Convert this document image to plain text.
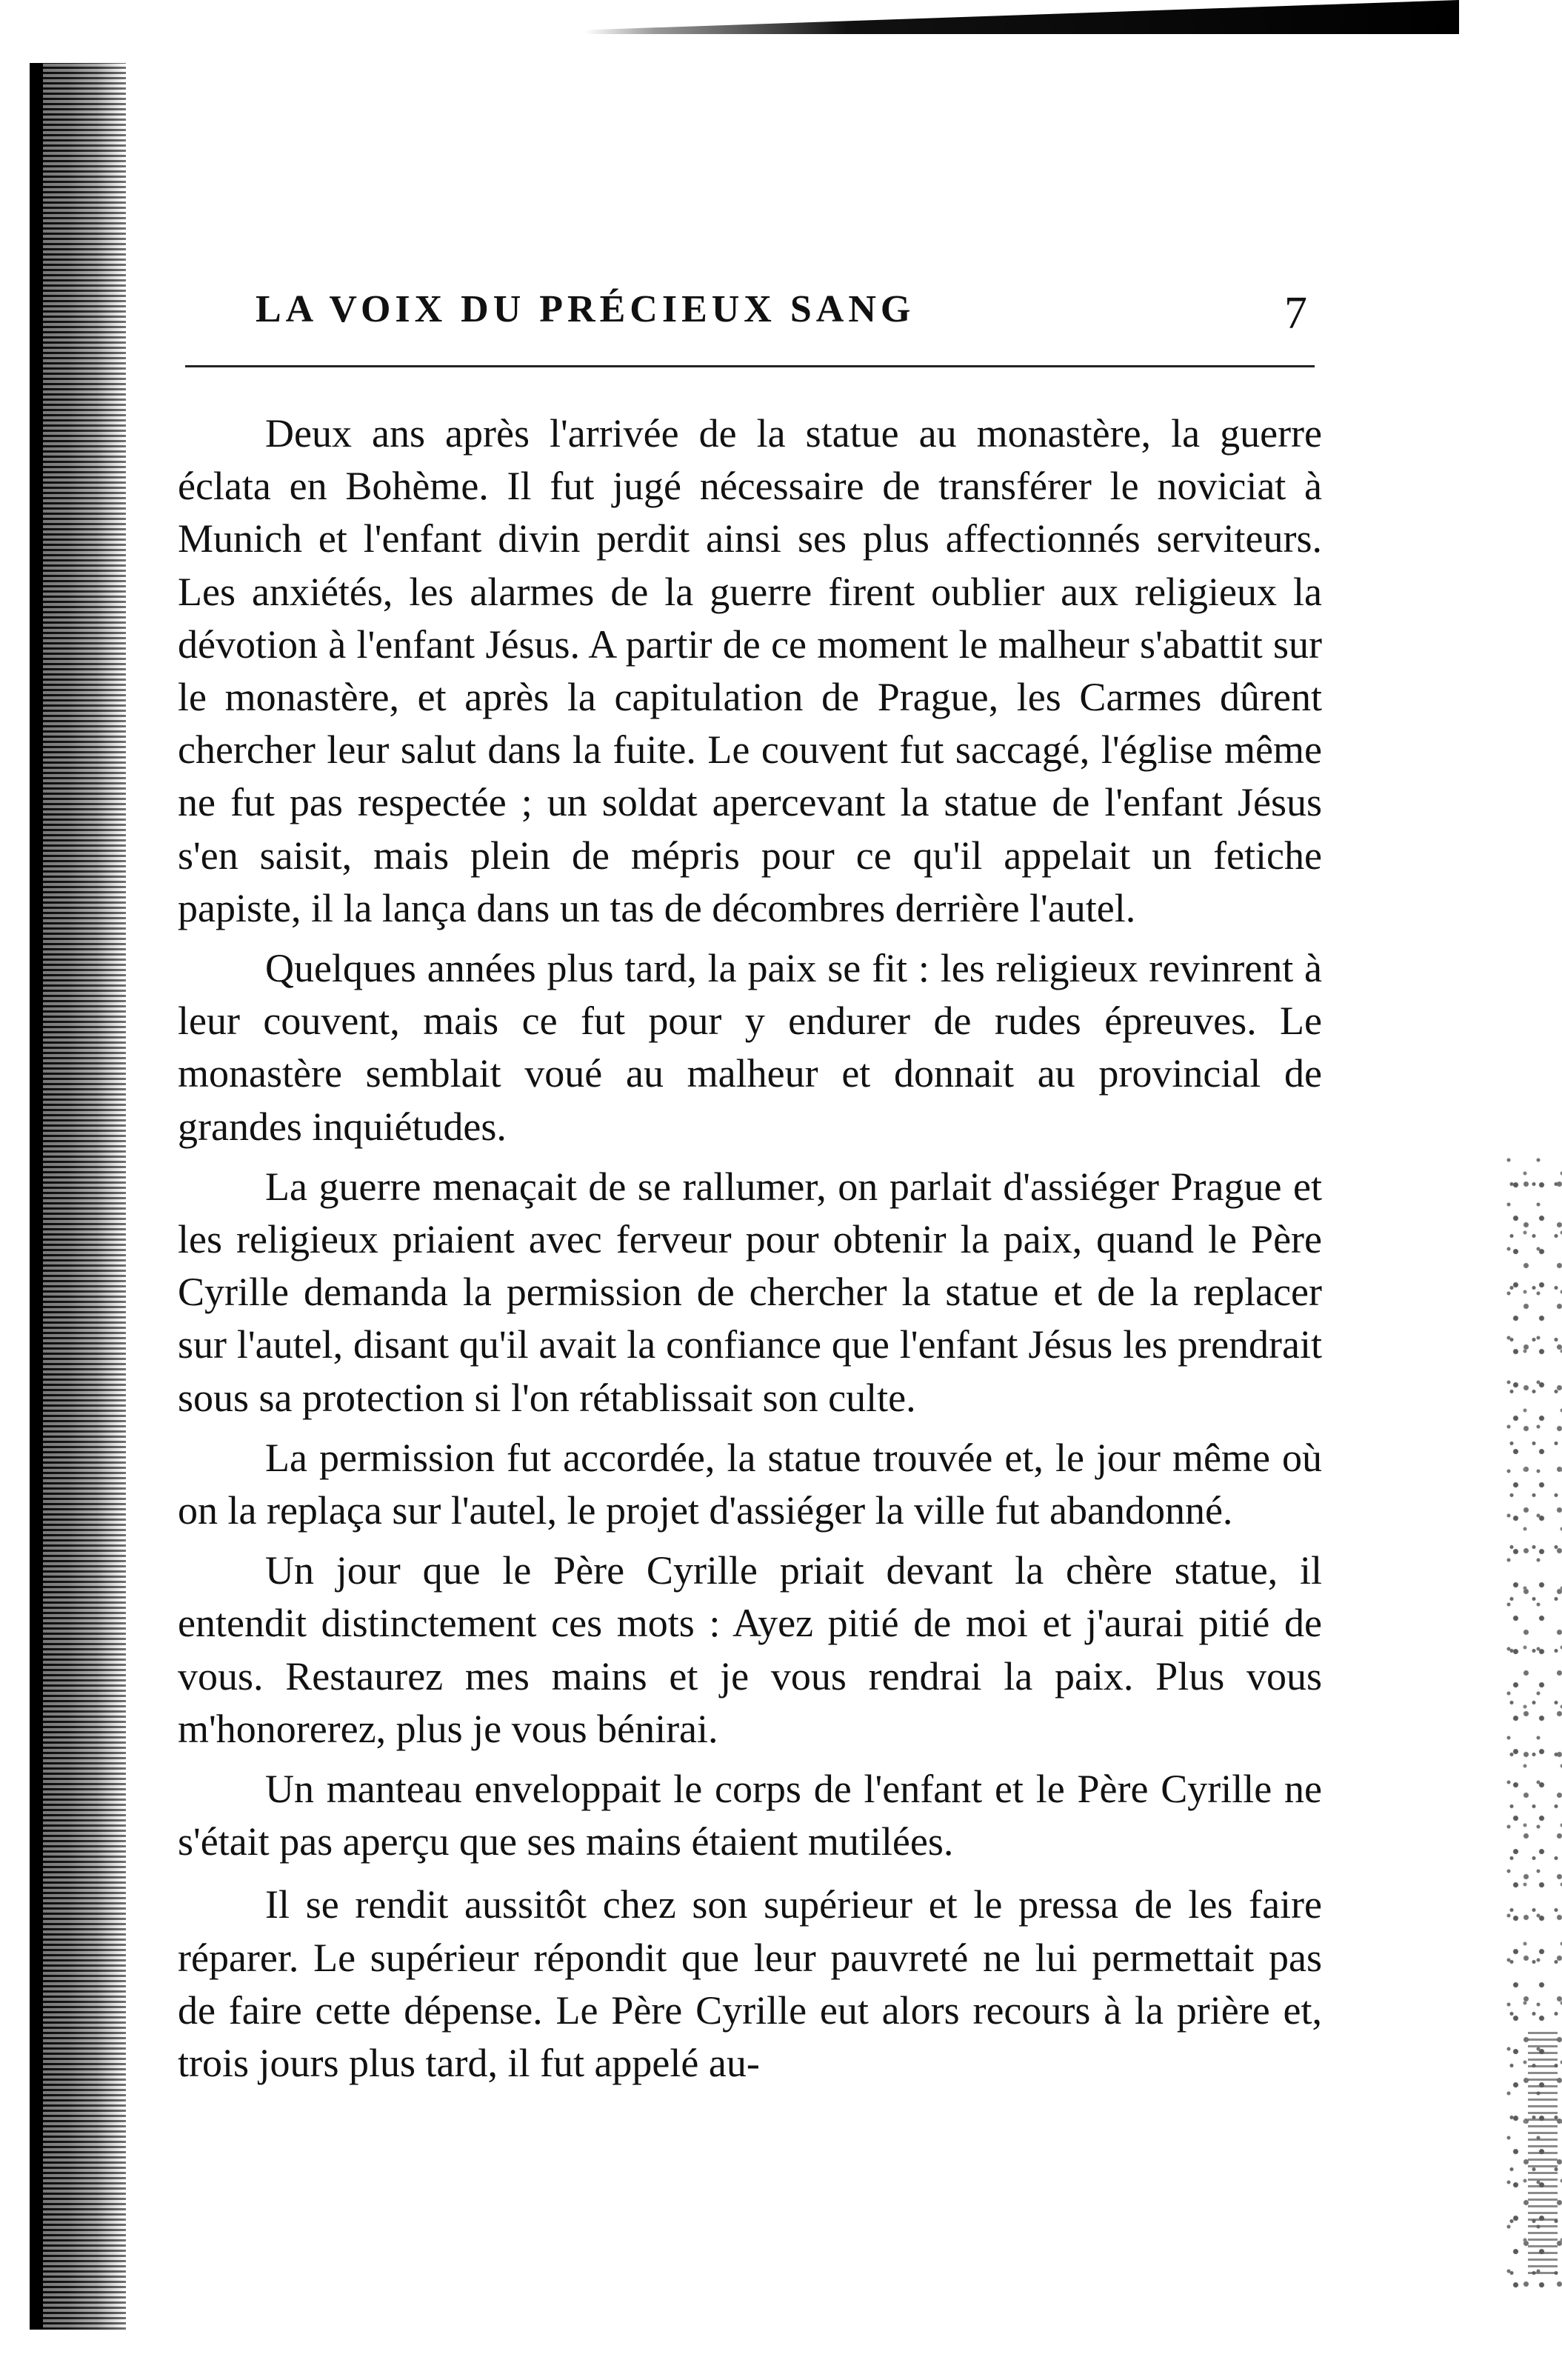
LA VOIX DU PRÉCIEUX SANG	7

Deux ans après l'arrivée de la statue au monastère, la guerre éclata en Bohème. Il fut jugé nécessaire de transférer le noviciat à Munich et l'enfant divin perdit ainsi ses plus affectionnés serviteurs. Les anxiétés, les alarmes de la guerre firent oublier aux religieux la dévotion à l'enfant Jésus. A partir de ce moment le malheur s'abattit sur le monastère, et après la capitulation de Prague, les Carmes dûrent chercher leur salut dans la fuite. Le couvent fut saccagé, l'église même ne fut pas respectée ; un soldat apercevant la statue de l'enfant Jésus s'en saisit, mais plein de mépris pour ce qu'il appelait un fetiche papiste, il la lança dans un tas de décombres derrière l'autel.

Quelques années plus tard, la paix se fit : les religieux revinrent à leur couvent, mais ce fut pour y endurer de rudes épreuves. Le monastère semblait voué au malheur et donnait au provincial de grandes inquiétudes.

La guerre menaçait de se rallumer, on parlait d'assiéger Prague et les religieux priaient avec ferveur pour obtenir la paix, quand le Père Cyrille demanda la permission de chercher la statue et de la replacer sur l'autel, disant qu'il avait la confiance que l'enfant Jésus les prendrait sous sa protection si l'on rétablissait son culte.

La permission fut accordée, la statue trouvée et, le jour même où on la replaça sur l'autel, le projet d'assiéger la ville fut abandonné.

Un jour que le Père Cyrille priait devant la chère statue, il entendit distinctement ces mots : Ayez pitié de moi et j'aurai pitié de vous. Restaurez mes mains et je vous rendrai la paix. Plus vous m'honorerez, plus je vous bénirai.

Un manteau enveloppait le corps de l'enfant et le Père Cyrille ne s'était pas aperçu que ses mains étaient mutilées.

Il se rendit aussitôt chez son supérieur et le pressa de les faire réparer. Le supérieur répondit que leur pauvreté ne lui permettait pas de faire cette dépense. Le Père Cyrille eut alors recours à la prière et, trois jours plus tard, il fut appelé au-
